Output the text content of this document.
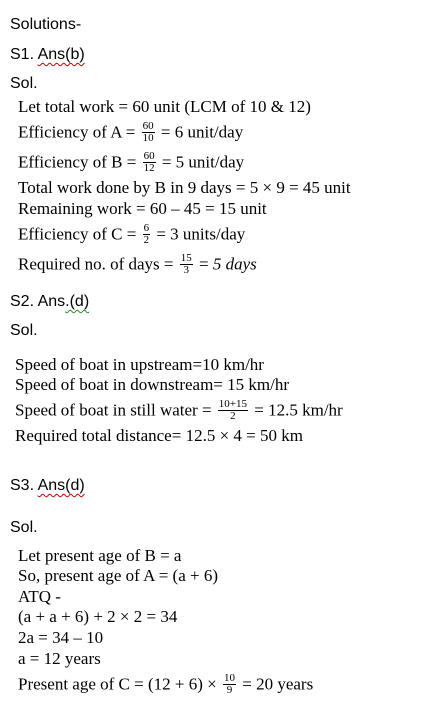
Solutions-
S1. Ans(b)
Sol.
Let total work = 60 unit (LCM of 10 & 12)
Efficiency of $A = \frac{60}{10} = 6$ unit/day
Efficiency of $B = \frac{60}{12} = 5$ unit/day
Total work done by B in 9 days = 5 × 9 = 45 unit
Remaining work = 60 – 45 = 15 unit
Efficiency of $C = \frac{6}{2} = 3$ units/day
Required no. of days = $\frac{15}{3} = 5$ days
S2. Ans.(d)
Sol.
Speed of boat in upstream=10 km/hr
Speed of boat in downstream= 15 km/hr
Speed of boat in still water = $\frac{10+15}{2} = 12.5$ km/hr
Required total distance= 12.5 × 4 = 50 km
S3. Ans(d)
Sol.
Let present age of B = a
So, present age of A = (a + 6)
ATQ -
(a + a + 6) + 2 × 2 = 34
2a = 34 – 10
a = 12 years
Present age of $C = (12 + 6) \times \frac{10}{9} = 20$ years
